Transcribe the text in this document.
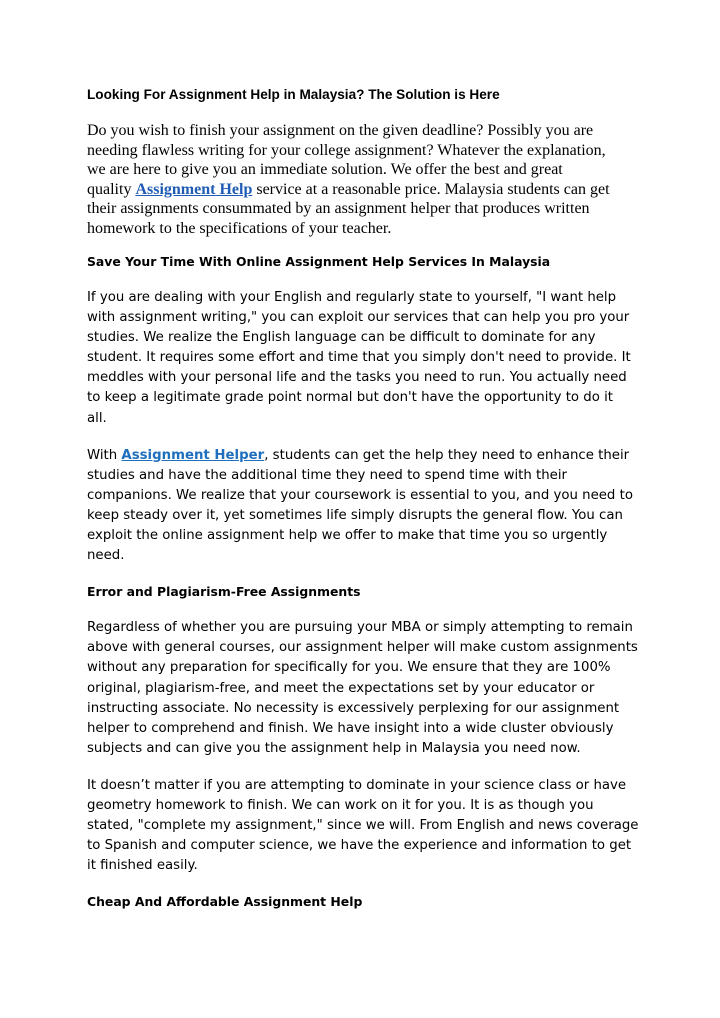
Looking For Assignment Help in Malaysia? The Solution is Here
Do you wish to finish your assignment on the given deadline? Possibly you are
needing flawless writing for your college assignment? Whatever the explanation,
we are here to give you an immediate solution. We offer the best and great
quality Assignment Help service at a reasonable price. Malaysia students can get
their assignments consummated by an assignment helper that produces written
homework to the specifications of your teacher.
Save Your Time With Online Assignment Help Services In Malaysia
If you are dealing with your English and regularly state to yourself, "I want help
with assignment writing," you can exploit our services that can help you pro your
studies. We realize the English language can be difficult to dominate for any
student. It requires some effort and time that you simply don't need to provide. It
meddles with your personal life and the tasks you need to run. You actually need
to keep a legitimate grade point normal but don't have the opportunity to do it
all.
With Assignment Helper, students can get the help they need to enhance their
studies and have the additional time they need to spend time with their
companions. We realize that your coursework is essential to you, and you need to
keep steady over it, yet sometimes life simply disrupts the general flow. You can
exploit the online assignment help we offer to make that time you so urgently
need.
Error and Plagiarism-Free Assignments
Regardless of whether you are pursuing your MBA or simply attempting to remain
above with general courses, our assignment helper will make custom assignments
without any preparation for specifically for you. We ensure that they are 100%
original, plagiarism-free, and meet the expectations set by your educator or
instructing associate. No necessity is excessively perplexing for our assignment
helper to comprehend and finish. We have insight into a wide cluster obviously
subjects and can give you the assignment help in Malaysia you need now.
It doesn’t matter if you are attempting to dominate in your science class or have
geometry homework to finish. We can work on it for you. It is as though you
stated, "complete my assignment," since we will. From English and news coverage
to Spanish and computer science, we have the experience and information to get
it finished easily.
Cheap And Affordable Assignment Help
